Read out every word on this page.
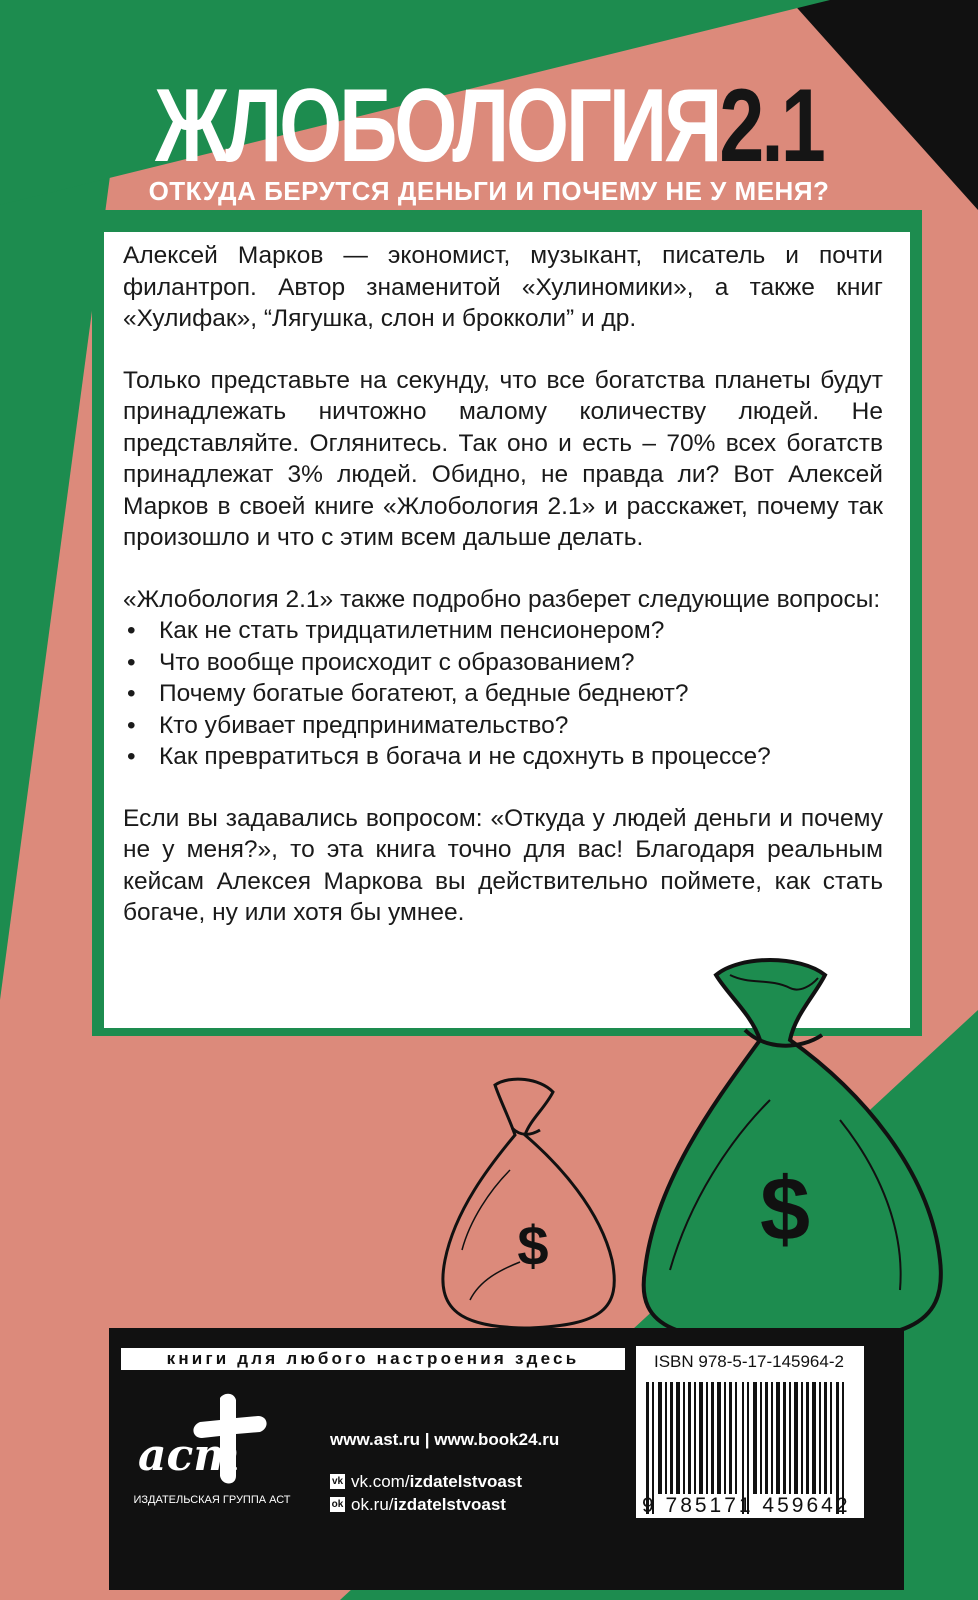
ЖЛОБОЛОГИЯ2.1
ОТКУДА БЕРУТСЯ ДЕНЬГИ И ПОЧЕМУ НЕ У МЕНЯ?

Алексей Марков — экономист, музыкант, писатель и почти филантроп. Автор знаменитой «Хулиномики», а также книг «Хулифак», “Лягушка, слон и брокколи” и др.

Только представьте на секунду, что все богатства планеты будут принадлежать ничтожно малому количеству людей. Не представляйте. Оглянитесь. Так оно и есть – 70% всех богатств принадлежат 3% людей. Обидно, не правда ли? Вот Алексей Марков в своей книге «Жлобология 2.1» и расскажет, почему так произошло и что с этим всем дальше делать.

«Жлобология 2.1» также подробно разберет следующие вопросы:

• Как не стать тридцатилетним пенсионером?
• Что вообще происходит с образованием?
• Почему богатые богатеют, а бедные беднеют?
• Кто убивает предпринимательство?
• Как превратиться в богача и не сдохнуть в процессе?

Если вы задавались вопросом: «Откуда у людей деньги и почему не у меня?», то эта книга точно для вас! Благодаря реальным кейсам Алексея Маркова вы действительно поймете, как стать богаче, ну или хотя бы умнее.

$ $
книги для любого настроения здесь
аст
ИЗДАТЕЛЬСКАЯ ГРУППА АСТ
www.ast.ru | www.book24.ru
vk vk.com/ izdatelstvoast
ok ok.ru/ izdatelstvoast
ISBN 978-5-17-145964-2
9 785171 459642
